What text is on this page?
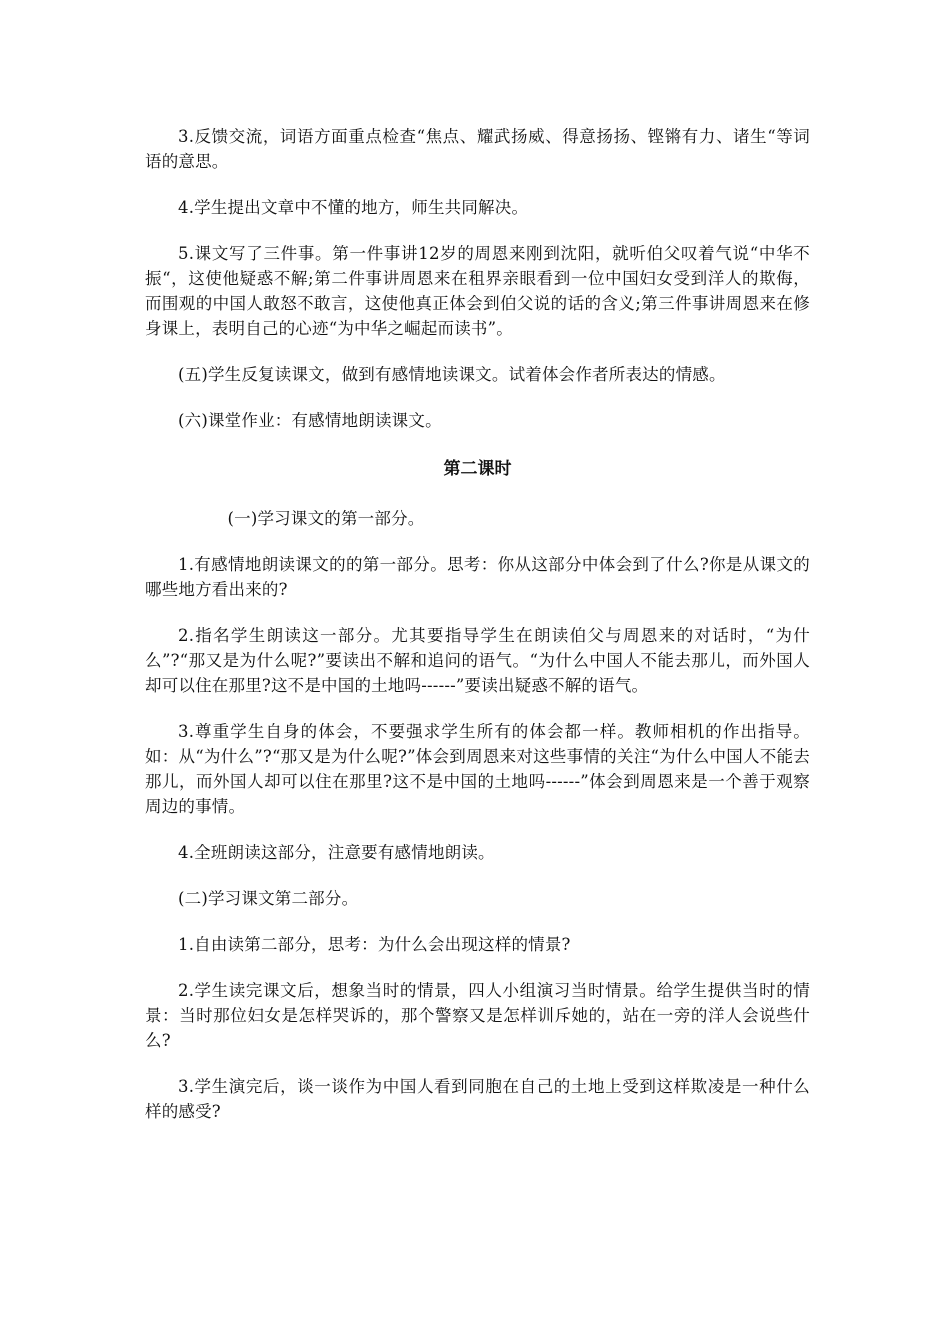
3.反馈交流，词语方面重点检查“焦点、耀武扬威、得意扬扬、铿锵有力、诸生“等词语的意思。

4.学生提出文章中不懂的地方，师生共同解决。

5.课文写了三件事。第一件事讲12岁的周恩来刚到沈阳，就听伯父叹着气说“中华不振“，这使他疑惑不解;第二件事讲周恩来在租界亲眼看到一位中国妇女受到洋人的欺侮，而围观的中国人敢怒不敢言，这使他真正体会到伯父说的话的含义;第三件事讲周恩来在修身课上，表明自己的心迹“为中华之崛起而读书”。

(五)学生反复读课文，做到有感情地读课文。试着体会作者所表达的情感。

(六)课堂作业：有感情地朗读课文。

第二课时

(一)学习课文的第一部分。

1.有感情地朗读课文的的第一部分。思考：你从这部分中体会到了什么?你是从课文的哪些地方看出来的?

2.指名学生朗读这一部分。尤其要指导学生在朗读伯父与周恩来的对话时，“为什么”?“那又是为什么呢?”要读出不解和追问的语气。“为什么中国人不能去那儿，而外国人却可以住在那里?这不是中国的土地吗------”要读出疑惑不解的语气。

3.尊重学生自身的体会，不要强求学生所有的体会都一样。教师相机的作出指导。如：从“为什么”?“那又是为什么呢?”体会到周恩来对这些事情的关注“为什么中国人不能去那儿，而外国人却可以住在那里?这不是中国的土地吗------”体会到周恩来是一个善于观察周边的事情。

4.全班朗读这部分，注意要有感情地朗读。

(二)学习课文第二部分。

1.自由读第二部分，思考：为什么会出现这样的情景?

2.学生读完课文后，想象当时的情景，四人小组演习当时情景。给学生提供当时的情景：当时那位妇女是怎样哭诉的，那个警察又是怎样训斥她的，站在一旁的洋人会说些什么?

3.学生演完后，谈一谈作为中国人看到同胞在自己的土地上受到这样欺凌是一种什么样的感受?
